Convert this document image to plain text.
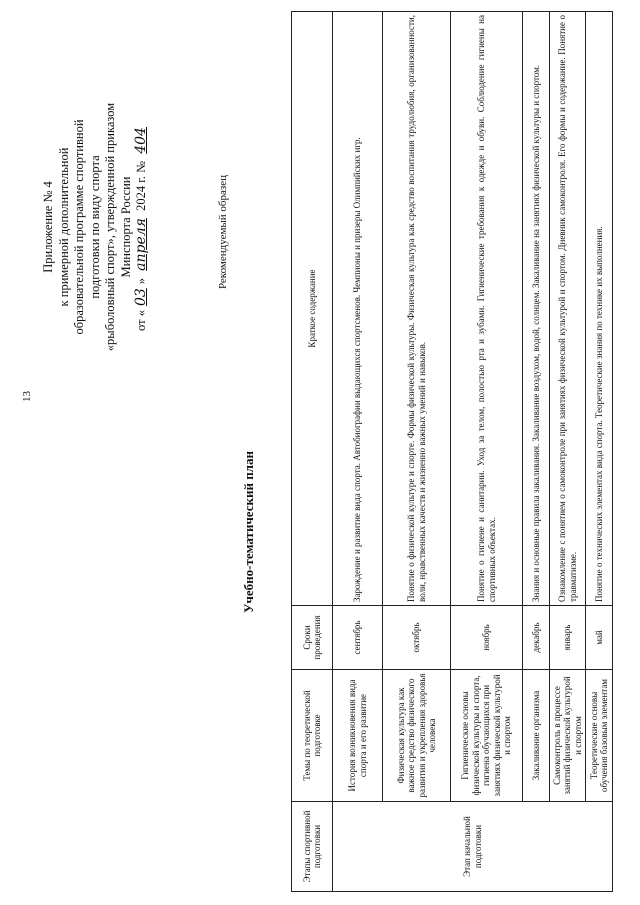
13
Приложение № 4 к примерной дополнительной образовательной программе спортивной подготовки по виду спорта «рыболовный спорт», утвержденной приказом Минспорта России
от «03» апреля 2024 г. № 404
Рекомендуемый образец
Учебно-тематический план
Этапы спортивной подготовки	Темы по теоретической подготовке	Сроки проведения	Краткое содержание
Этап начальной подготовки	История возникновения вида спорта и его развитие	сентябрь	Зарождение и развитие вида спорта. Автобиографии выдающихся спортсменов. Чемпионы и призеры Олимпийских игр.
	Физическая культура как важное средство физического развития и укрепления здоровья человека	октябрь	Понятие о физической культуре и спорте. Формы физической культуры. Физическая культура как средство воспитания трудолюбия, организованности, воли, нравственных качеств и жизненно важных умений и навыков.
	Гигиенические основы физической культуры и спорта, гигиена обучающихся при занятиях физической культурой и спортом	ноябрь	Понятие о гигиене и санитарии. Уход за телом, полостью рта и зубами. Гигиенические требования к одежде и обуви. Соблюдение гигиены на спортивных объектах.
	Закаливание организма	декабрь	Знания и основные правила закаливания. Закаливание воздухом, водой, солнцем. Закаливание на занятиях физической культуры и спортом.
	Самоконтроль в процессе занятий физической культурой и спортом	январь	Ознакомление с понятием о самоконтроле при занятиях физической культурой и спортом. Дневник самоконтроля. Его формы и содержание. Понятие о травматизме.
	Теоретические основы обучения базовым элементам	май	Понятие о технических элементах вида спорта. Теоретические знания по технике их выполнения.
